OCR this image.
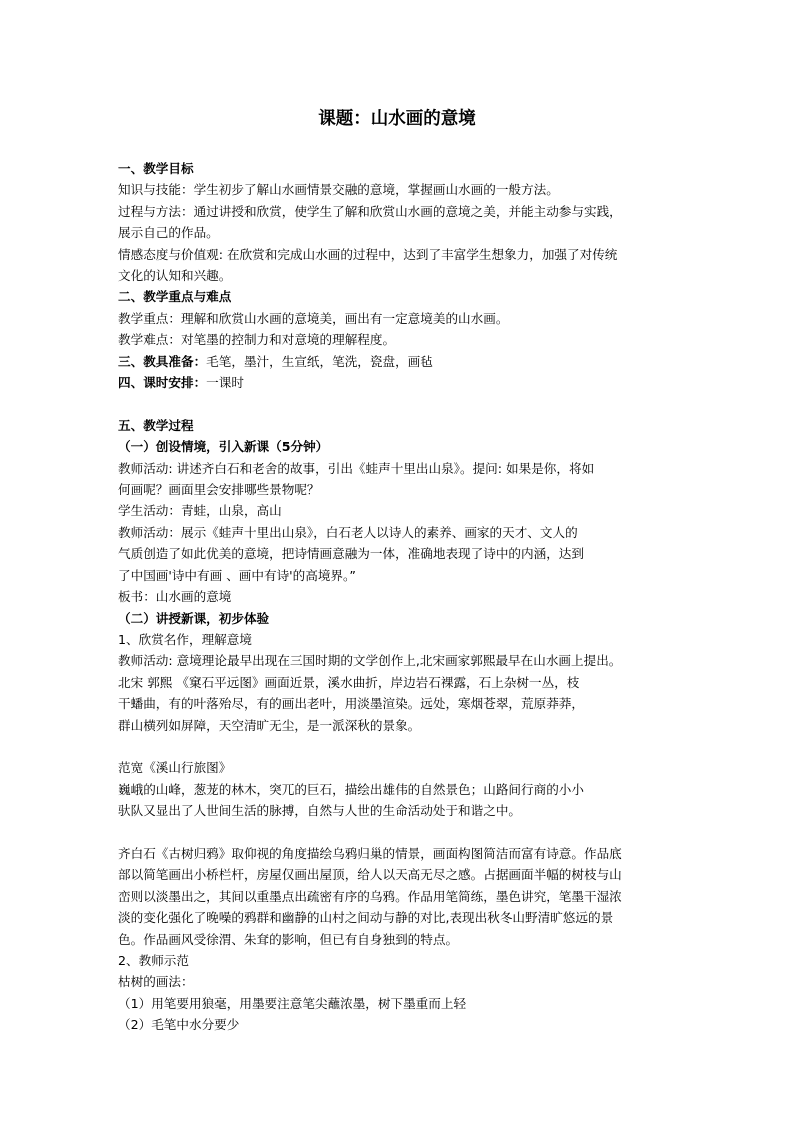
课题：山水画的意境

一、教学目标

知识与技能：学生初步了解山水画情景交融的意境，掌握画山水画的一般方法。

过程与方法：通过讲授和欣赏，使学生了解和欣赏山水画的意境之美，并能主动参与实践，

展示自己的作品。

情感态度与价值观: 在欣赏和完成山水画的过程中，达到了丰富学生想象力，加强了对传统

文化的认知和兴趣。

二、教学重点与难点

教学重点：理解和欣赏山水画的意境美，画出有一定意境美的山水画。

教学难点：对笔墨的控制力和对意境的理解程度。

三、教具准备：毛笔，墨汁，生宣纸，笔洗，瓷盘，画毡

四、课时安排：一课时

五、教学过程

（一）创设情境，引入新课（5分钟）

教师活动: 讲述齐白石和老舍的故事，引出《蛙声十里出山泉》。提问: 如果是你，将如

何画呢？画面里会安排哪些景物呢？

学生活动：青蛙，山泉，高山

教师活动：展示《蛙声十里出山泉》，白石老人以诗人的素养、画家的天才、文人的

气质创造了如此优美的意境，把诗情画意融为一体，准确地表现了诗中的内涵，达到

了中国画'诗中有画 、画中有诗'的高境界。”

板书：山水画的意境

（二）讲授新课，初步体验

1、欣赏名作，理解意境

教师活动: 意境理论最早出现在三国时期的文学创作上,北宋画家郭熙最早在山水画上提出。

北宋 郭熙 《窠石平远图》画面近景，溪水曲折，岸边岩石裸露，石上杂树一丛，枝

干蟠曲，有的叶落殆尽，有的画出老叶，用淡墨渲染。远处，寒烟苍翠，荒原莽莽，

群山横列如屏障，天空清旷无尘，是一派深秋的景象。

范宽《溪山行旅图》

巍峨的山峰，葱茏的林木，突兀的巨石，描绘出雄伟的自然景色；山路间行商的小小

驮队又显出了人世间生活的脉搏，自然与人世的生命活动处于和谐之中。

齐白石《古树归鸦》取仰视的角度描绘乌鸦归巢的情景，画面构图简洁而富有诗意。作品底

部以简笔画出小桥栏杆，房屋仅画出屋顶，给人以天高无尽之感。占据画面半幅的树枝与山

峦则以淡墨出之，其间以重墨点出疏密有序的乌鸦。作品用笔简练，墨色讲究，笔墨干湿浓

淡的变化强化了晚噪的鸦群和幽静的山村之间动与静的对比,表现出秋冬山野清旷悠远的景

色。作品画风受徐渭、朱耷的影响，但已有自身独到的特点。

2、教师示范

枯树的画法：

（1）用笔要用狼毫，用墨要注意笔尖蘸浓墨，树下墨重而上轻

（2）毛笔中水分要少
